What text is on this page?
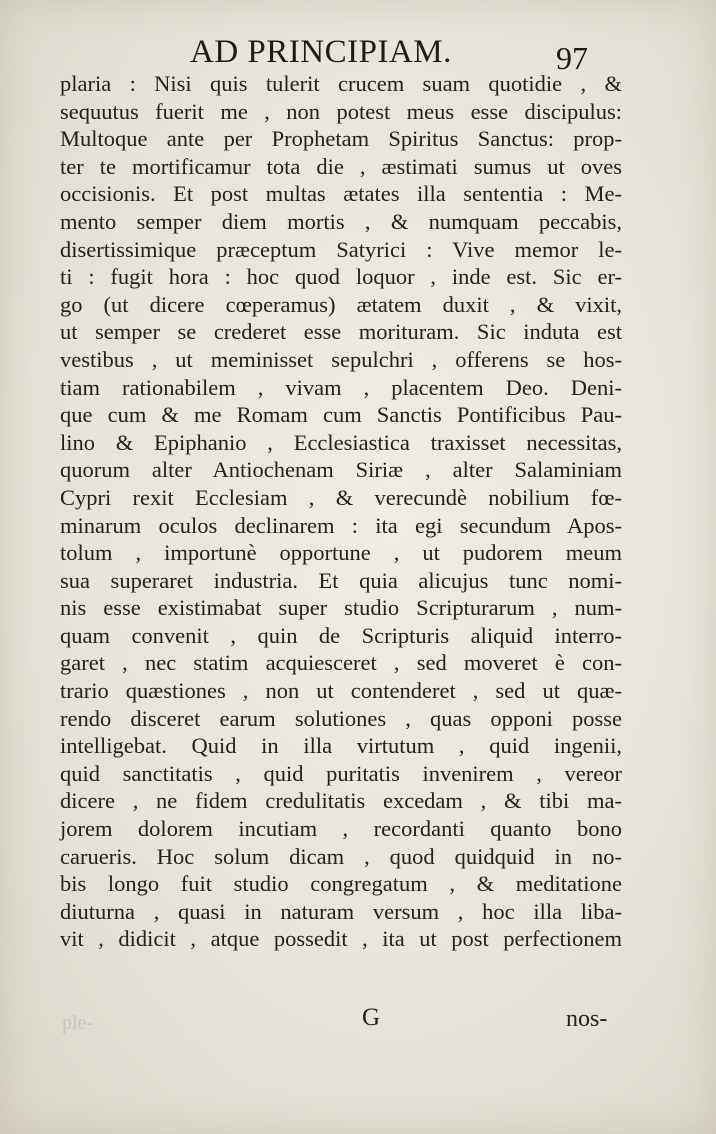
AD PRINCIPIAM.	97
plaria : Nisi quis tulerit crucem suam quotidie , &
sequutus fuerit me , non potest meus esse discipulus:
Multoque ante per Prophetam Spiritus Sanctus: prop-
ter te mortificamur tota die , æstimati sumus ut oves
occisionis. Et post multas ætates illa sententia : Me-
mento semper diem mortis , & numquam peccabis,
disertissimique præceptum Satyrici : Vive memor le-
ti : fugit hora : hoc quod loquor , inde est. Sic er-
go (ut dicere cœperamus) ætatem duxit , & vixit,
ut semper se crederet esse morituram. Sic induta est
vestibus , ut meminisset sepulchri , offerens se hos-
tiam rationabilem , vivam , placentem Deo. Deni-
que cum & me Romam cum Sanctis Pontificibus Pau-
lino & Epiphanio , Ecclesiastica traxisset necessitas,
quorum alter Antiochenam Siriæ , alter Salaminiam
Cypri rexit Ecclesiam , & verecundè nobilium fœ-
minarum oculos declinarem : ita egi secundum Apos-
tolum , importunè opportune , ut pudorem meum
sua superaret industria. Et quia alicujus tunc nomi-
nis esse existimabat super studio Scripturarum , num-
quam convenit , quin de Scripturis aliquid interro-
garet , nec statim acquiesceret , sed moveret è con-
trario quæstiones , non ut contenderet , sed ut quæ-
rendo disceret earum solutiones , quas opponi posse
intelligebat. Quid in illa virtutum , quid ingenii,
quid sanctitatis , quid puritatis invenirem , vereor
dicere , ne fidem credulitatis excedam , & tibi ma-
jorem dolorem incutiam , recordanti quanto bono
carueris. Hoc solum dicam , quod quidquid in no-
bis longo fuit studio congregatum , & meditatione
diuturna , quasi in naturam versum , hoc illa liba-
vit , didicit , atque possedit , ita ut post perfectionem
ple-	G	nos-
